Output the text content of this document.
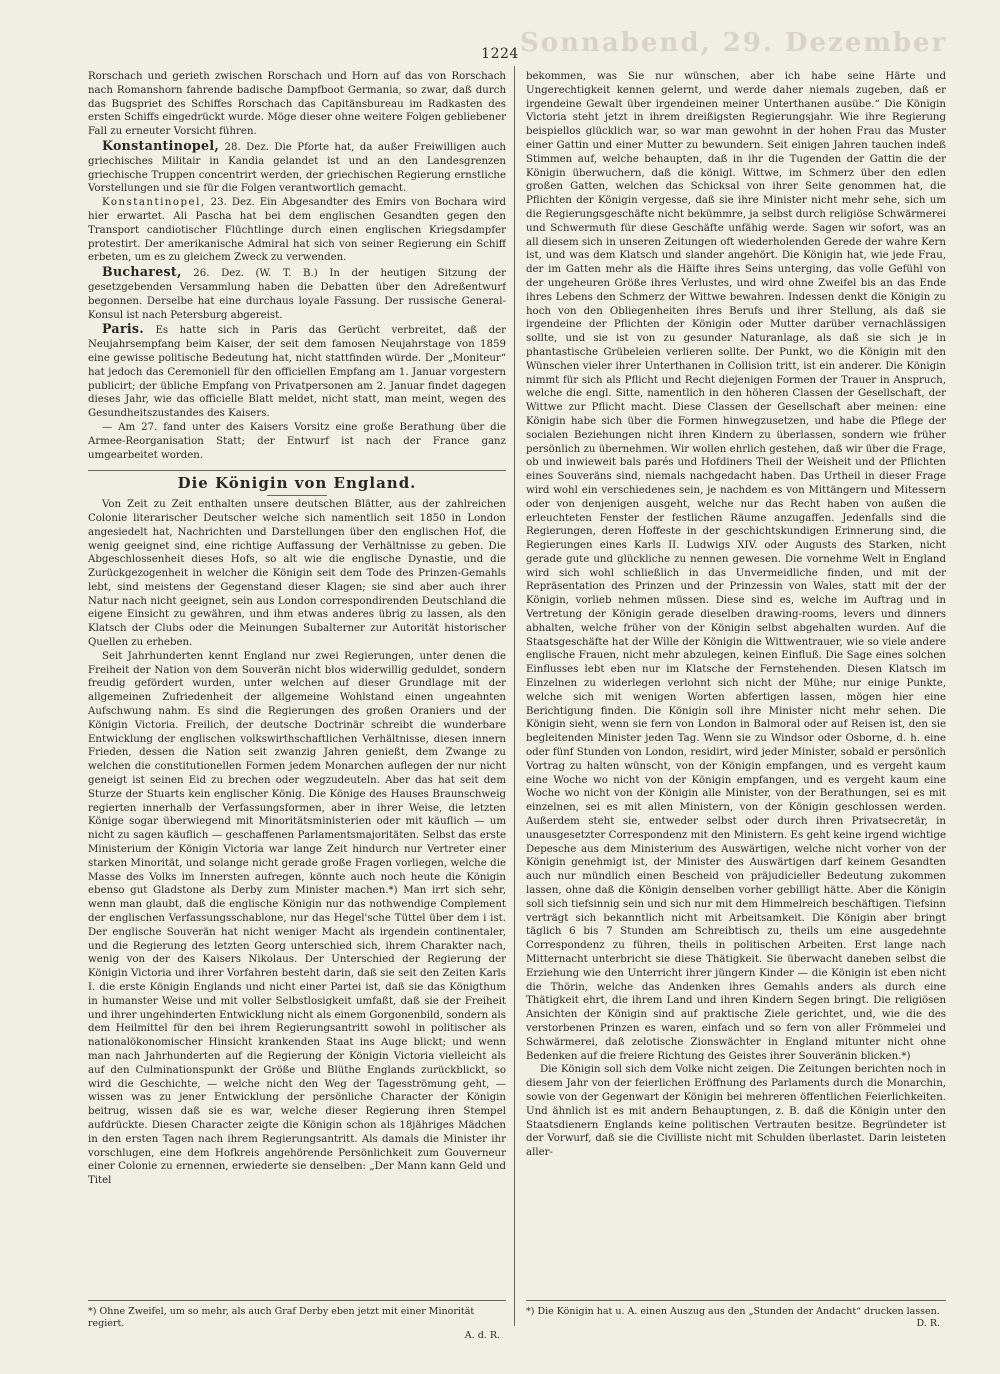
Sonnabend, 29. Dezember
1224

Rorschach und gerieth zwischen Rorschach und Horn auf das von Rorschach nach Romanshorn fahrende badische Dampfboot Germania, so zwar, daß durch das Bugspriet des Schiffes Rorschach das Capitänsbureau im Radkasten des ersten Schiffs eingedrückt wurde. Möge dieser ohne weitere Folgen gebliebener Fall zu erneuter Vorsicht führen.

Konstantinopel, 28. Dez. Die Pforte hat, da außer Freiwilligen auch griechisches Militair in Kandia gelandet ist und an den Landesgrenzen griechische Truppen concentrirt werden, der griechischen Regierung ernstliche Vorstellungen und sie für die Folgen verantwortlich gemacht.

Konstantinopel, 23. Dez. Ein Abgesandter des Emirs von Bochara wird hier erwartet. Ali Pascha hat bei dem englischen Gesandten gegen den Transport candiotischer Flüchtlinge durch einen englischen Kriegsdampfer protestirt. Der amerikanische Admiral hat sich von seiner Regierung ein Schiff erbeten, um es zu gleichem Zweck zu verwenden.

Bucharest, 26. Dez. (W. T. B.) In der heutigen Sitzung der gesetzgebenden Versammlung haben die Debatten über den Adreßentwurf begonnen. Derselbe hat eine durchaus loyale Fassung. Der russische General-Konsul ist nach Petersburg abgereist.

Paris. Es hatte sich in Paris das Gerücht verbreitet, daß der Neujahrsempfang beim Kaiser, der seit dem famosen Neujahrstage von 1859 eine gewisse politische Bedeutung hat, nicht stattfinden würde. Der „Moniteur“ hat jedoch das Ceremoniell für den officiellen Empfang am 1. Januar vorgestern publicirt; der übliche Empfang von Privatpersonen am 2. Januar findet dagegen dieses Jahr, wie das officielle Blatt meldet, nicht statt, man meint, wegen des Gesundheitszustandes des Kaisers.

— Am 27. fand unter des Kaisers Vorsitz eine große Berathung über die Armee-Reorganisation Statt; der Entwurf ist nach der France ganz umgearbeitet worden.

Die Königin von England.

Von Zeit zu Zeit enthalten unsere deutschen Blätter, aus der zahlreichen Colonie literarischer Deutscher welche sich namentlich seit 1850 in London angesiedelt hat, Nachrichten und Darstellungen über den englischen Hof, die wenig geeignet sind, eine richtige Auffassung der Verhältnisse zu geben. Die Abgeschlossenheit dieses Hofs, so alt wie die englische Dynastie, und die Zurückgezogenheit in welcher die Königin seit dem Tode des Prinzen-Gemahls lebt, sind meistens der Gegenstand dieser Klagen; sie sind aber auch ihrer Natur nach nicht geeignet, sein aus London correspondirenden Deutschland die eigene Einsicht zu gewähren, und ihm etwas anderes übrig zu lassen, als den Klatsch der Clubs oder die Meinungen Subalterner zur Autorität historischer Quellen zu erheben.

Seit Jahrhunderten kennt England nur zwei Regierungen, unter denen die Freiheit der Nation von dem Souverän nicht blos widerwillig geduldet, sondern freudig gefördert wurden, unter welchen auf dieser Grundlage mit der allgemeinen Zufriedenheit der allgemeine Wohlstand einen ungeahnten Aufschwung nahm. Es sind die Regierungen des großen Oraniers und der Königin Victoria. Freilich, der deutsche Doctrinär schreibt die wunderbare Entwicklung der englischen volkswirthschaftlichen Verhältnisse, diesen innern Frieden, dessen die Nation seit zwanzig Jahren genießt, dem Zwange zu welchen die constitutionellen Formen jedem Monarchen auflegen der nur nicht geneigt ist seinen Eid zu brechen oder wegzudeuteln. Aber das hat seit dem Sturze der Stuarts kein englischer König. Die Könige des Hauses Braunschweig regierten innerhalb der Verfassungsformen, aber in ihrer Weise, die letzten Könige sogar überwiegend mit Minoritätsministerien oder mit käuflich — um nicht zu sagen käuflich — geschaffenen Parlamentsmajoritäten. Selbst das erste Ministerium der Königin Victoria war lange Zeit hindurch nur Vertreter einer starken Minorität, und solange nicht gerade große Fragen vorliegen, welche die Masse des Volks im Innersten aufregen, könnte auch noch heute die Königin ebenso gut Gladstone als Derby zum Minister machen.*) Man irrt sich sehr, wenn man glaubt, daß die englische Königin nur das nothwendige Complement der englischen Verfassungsschablone, nur das Hegel'sche Tüttel über dem i ist. Der englische Souverän hat nicht weniger Macht als irgendein continentaler, und die Regierung des letzten Georg unterschied sich, ihrem Charakter nach, wenig von der des Kaisers Nikolaus. Der Unterschied der Regierung der Königin Victoria und ihrer Vorfahren besteht darin, daß sie seit den Zeiten Karls I. die erste Königin Englands und nicht einer Partei ist, daß sie das Königthum in humanster Weise und mit voller Selbstlosigkeit umfaßt, daß sie der Freiheit und ihrer ungehinderten Entwicklung nicht als einem Gorgonenbild, sondern als dem Heilmittel für den bei ihrem Regierungsantritt sowohl in politischer als nationalökonomischer Hinsicht krankenden Staat ins Auge blickt; und wenn man nach Jahrhunderten auf die Regierung der Königin Victoria vielleicht als auf den Culminationspunkt der Größe und Blüthe Englands zurückblickt, so wird die Geschichte, — welche nicht den Weg der Tagesströmung geht, — wissen was zu jener Entwicklung der persönliche Character der Königin beitrug, wissen daß sie es war, welche dieser Regierung ihren Stempel aufdrückte. Diesen Character zeigte die Königin schon als 18jähriges Mädchen in den ersten Tagen nach ihrem Regierungsantritt. Als damals die Minister ihr vorschlugen, eine dem Hofkreis angehörende Persönlichkeit zum Gouverneur einer Colonie zu ernennen, erwiederte sie denselben: „Der Mann kann Geld und Titel

bekommen, was Sie nur wünschen, aber ich habe seine Härte und Ungerechtigkeit kennen gelernt, und werde daher niemals zugeben, daß er irgendeine Gewalt über irgendeinen meiner Unterthanen ausübe.“ Die Königin Victoria steht jetzt in ihrem dreißigsten Regierungsjahr. Wie ihre Regierung beispiellos glücklich war, so war man gewohnt in der hohen Frau das Muster einer Gattin und einer Mutter zu bewundern. Seit einigen Jahren tauchen indeß Stimmen auf, welche behaupten, daß in ihr die Tugenden der Gattin die der Königin überwuchern, daß die königl. Wittwe, im Schmerz über den edlen großen Gatten, welchen das Schicksal von ihrer Seite genommen hat, die Pflichten der Königin vergesse, daß sie ihre Minister nicht mehr sehe, sich um die Regierungsgeschäfte nicht bekümmre, ja selbst durch religiöse Schwärmerei und Schwermuth für diese Geschäfte unfähig werde. Sagen wir sofort, was an all diesem sich in unseren Zeitungen oft wiederholenden Gerede der wahre Kern ist, und was dem Klatsch und slander angehört. Die Königin hat, wie jede Frau, der im Gatten mehr als die Hälfte ihres Seins unterging, das volle Gefühl von der ungeheuren Größe ihres Verlustes, und wird ohne Zweifel bis an das Ende ihres Lebens den Schmerz der Wittwe bewahren. Indessen denkt die Königin zu hoch von den Obliegenheiten ihres Berufs und ihrer Stellung, als daß sie irgendeine der Pflichten der Königin oder Mutter darüber vernachlässigen sollte, und sie ist von zu gesunder Naturanlage, als daß sie sich je in phantastische Grübeleien verlieren sollte. Der Punkt, wo die Königin mit den Wünschen vieler ihrer Unterthanen in Collision tritt, ist ein anderer. Die Königin nimmt für sich als Pflicht und Recht diejenigen Formen der Trauer in Anspruch, welche die engl. Sitte, namentlich in den höheren Classen der Gesellschaft, der Wittwe zur Pflicht macht. Diese Classen der Gesellschaft aber meinen: eine Königin habe sich über die Formen hinwegzusetzen, und habe die Pflege der socialen Beziehungen nicht ihren Kindern zu überlassen, sondern wie früher persönlich zu übernehmen. Wir wollen ehrlich gestehen, daß wir über die Frage, ob und inwieweit bals parés und Hofdiners Theil der Weisheit und der Pflichten eines Souveräns sind, niemals nachgedacht haben. Das Urtheil in dieser Frage wird wohl ein verschiedenes sein, je nachdem es von Mittängern und Mitessern oder von denjenigen ausgeht, welche nur das Recht haben von außen die erleuchteten Fenster der festlichen Räume anzugaffen. Jedenfalls sind die Regierungen, deren Hoffeste in der geschichtskundigen Erinnerung sind, die Regierungen eines Karls II. Ludwigs XIV. oder Augusts des Starken, nicht gerade gute und glückliche zu nennen gewesen. Die vornehme Welt in England wird sich wohl schließlich in das Unvermeidliche finden, und mit der Repräsentation des Prinzen und der Prinzessin von Wales, statt mit der der Königin, vorlieb nehmen müssen. Diese sind es, welche im Auftrag und in Vertretung der Königin gerade dieselben drawing-rooms, levers und dinners abhalten, welche früher von der Königin selbst abgehalten wurden. Auf die Staatsgeschäfte hat der Wille der Königin die Wittwentrauer, wie so viele andere englische Frauen, nicht mehr abzulegen, keinen Einfluß. Die Sage eines solchen Einflusses lebt eben nur im Klatsche der Fernstehenden. Diesen Klatsch im Einzelnen zu widerlegen verlohnt sich nicht der Mühe; nur einige Punkte, welche sich mit wenigen Worten abfertigen lassen, mögen hier eine Berichtigung finden. Die Königin soll ihre Minister nicht mehr sehen. Die Königin sieht, wenn sie fern von London in Balmoral oder auf Reisen ist, den sie begleitenden Minister jeden Tag. Wenn sie zu Windsor oder Osborne, d. h. eine oder fünf Stunden von London, residirt, wird jeder Minister, sobald er persönlich Vortrag zu halten wünscht, von der Königin empfangen, und es vergeht kaum eine Woche wo nicht von der Königin empfangen, und es vergeht kaum eine Woche wo nicht von der Königin alle Minister, von der Berathungen, sei es mit einzelnen, sei es mit allen Ministern, von der Königin geschlossen werden. Außerdem steht sie, entweder selbst oder durch ihren Privatsecretär, in unausgesetzter Correspondenz mit den Ministern. Es geht keine irgend wichtige Depesche aus dem Ministerium des Auswärtigen, welche nicht vorher von der Königin genehmigt ist, der Minister des Auswärtigen darf keinem Gesandten auch nur mündlich einen Bescheid von präjudicieller Bedeutung zukommen lassen, ohne daß die Königin denselben vorher gebilligt hätte. Aber die Königin soll sich tiefsinnig sein und sich nur mit dem Himmelreich beschäftigen. Tiefsinn verträgt sich bekanntlich nicht mit Arbeitsamkeit. Die Königin aber bringt täglich 6 bis 7 Stunden am Schreibtisch zu, theils um eine ausgedehnte Correspondenz zu führen, theils in politischen Arbeiten. Erst lange nach Mitternacht unterbricht sie diese Thätigkeit. Sie überwacht daneben selbst die Erziehung wie den Unterricht ihrer jüngern Kinder — die Königin ist eben nicht die Thörin, welche das Andenken ihres Gemahls anders als durch eine Thätigkeit ehrt, die ihrem Land und ihren Kindern Segen bringt. Die religiösen Ansichten der Königin sind auf praktische Ziele gerichtet, und, wie die des verstorbenen Prinzen es waren, einfach und so fern von aller Frömmelei und Schwärmerei, daß zelotische Zionswächter in England mitunter nicht ohne Bedenken auf die freiere Richtung des Geistes ihrer Souveränin blicken.*)

Die Königin soll sich dem Volke nicht zeigen. Die Zeitungen berichten noch in diesem Jahr von der feierlichen Eröffnung des Parlaments durch die Monarchin, sowie von der Gegenwart der Königin bei mehreren öffentlichen Feierlichkeiten. Und ähnlich ist es mit andern Behauptungen, z. B. daß die Königin unter den Staatsdienern Englands keine politischen Vertrauten besitze. Begründeter ist der Vorwurf, daß sie die Civilliste nicht mit Schulden überlastet. Darin leisteten aller-

*) Ohne Zweifel, um so mehr, als auch Graf Derby eben jetzt mit einer Minorität regiert.
A. d. R.
*) Die Königin hat u. A. einen Auszug aus den „Stunden der Andacht“ drucken lassen.
D. R.
